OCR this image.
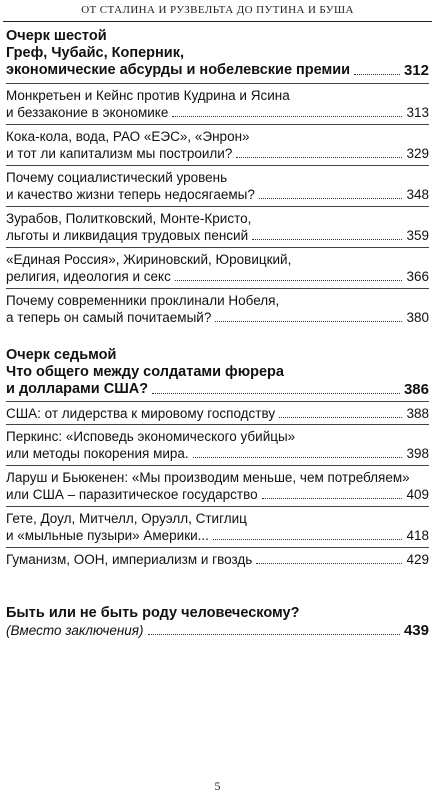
ОТ СТАЛИНА И РУЗВЕЛЬТА ДО ПУТИНА И БУША
Очерк шестой
Греф, Чубайс, Коперник,
экономические абсурды и нобелевские премии	312
Монкретьен и Кейнс против Кудрина и Ясина
и беззаконие в экономике	313
Кока-кола, вода, РАО «ЕЭС», «Энрон»
и тот ли капитализм мы построили?	329
Почему социалистический уровень
и качество жизни теперь недосягаемы?	348
Зурабов, Политковский, Монте-Кристо,
льготы и ликвидация трудовых пенсий	359
«Единая Россия», Жириновский, Юровицкий,
религия, идеология и секс	366
Почему современники проклинали Нобеля,
а теперь он самый почитаемый?	380
Очерк седьмой
Что общего между солдатами фюрера
и долларами США?	386
США: от лидерства к мировому господству	388
Перкинс: «Исповедь экономического убийцы»
или методы покорения мира.	398
Ларуш и Бьюкенен: «Мы производим меньше, чем потребляем»
или США – паразитическое государство	409
Гете, Доул, Митчелл, Оруэлл, Стиглиц
и «мыльные пузыри» Америки...	418
Гуманизм, ООН, империализм и гвоздь	429
Быть или не быть роду человеческому?
(Вместо заключения)	439
5
